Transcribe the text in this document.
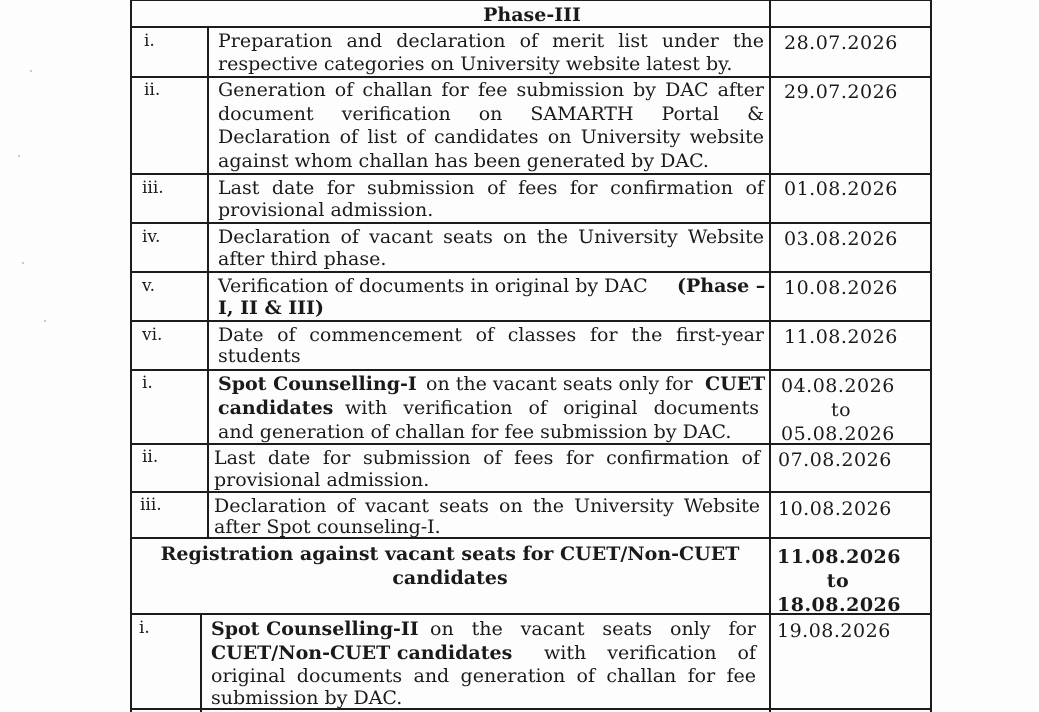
Phase-III
i.	Preparation and declaration of merit list under the
respective categories on University website latest by.
28.07.2026
ii.	Generation of challan for fee submission by DAC after
document verification on SAMARTH Portal &
Declaration of list of candidates on University website
against whom challan has been generated by DAC.
29.07.2026
iii.	Last date for submission of fees for confirmation of
provisional admission.
01.08.2026
iv.	Declaration of vacant seats on the University Website
after third phase.
03.08.2026
v.	Verification of documents in original by DAC (Phase –
I, II & III)
10.08.2026
vi.	Date of commencement of classes for the first-year
students
11.08.2026
i.	Spot Counselling-I on the vacant seats only for CUET
candidates with verification of original documents
and generation of challan for fee submission by DAC.
04.08.2026
to
05.08.2026
ii.	Last date for submission of fees for confirmation of
provisional admission.
07.08.2026
iii.	Declaration of vacant seats on the University Website
after Spot counseling-I.
10.08.2026
Registration against vacant seats for CUET/Non-CUET
candidates
11.08.2026
to
18.08.2026
i.	Spot Counselling-II on the vacant seats only for
CUET/Non-CUET candidates with verification of
original documents and generation of challan for fee
submission by DAC.
19.08.2026
